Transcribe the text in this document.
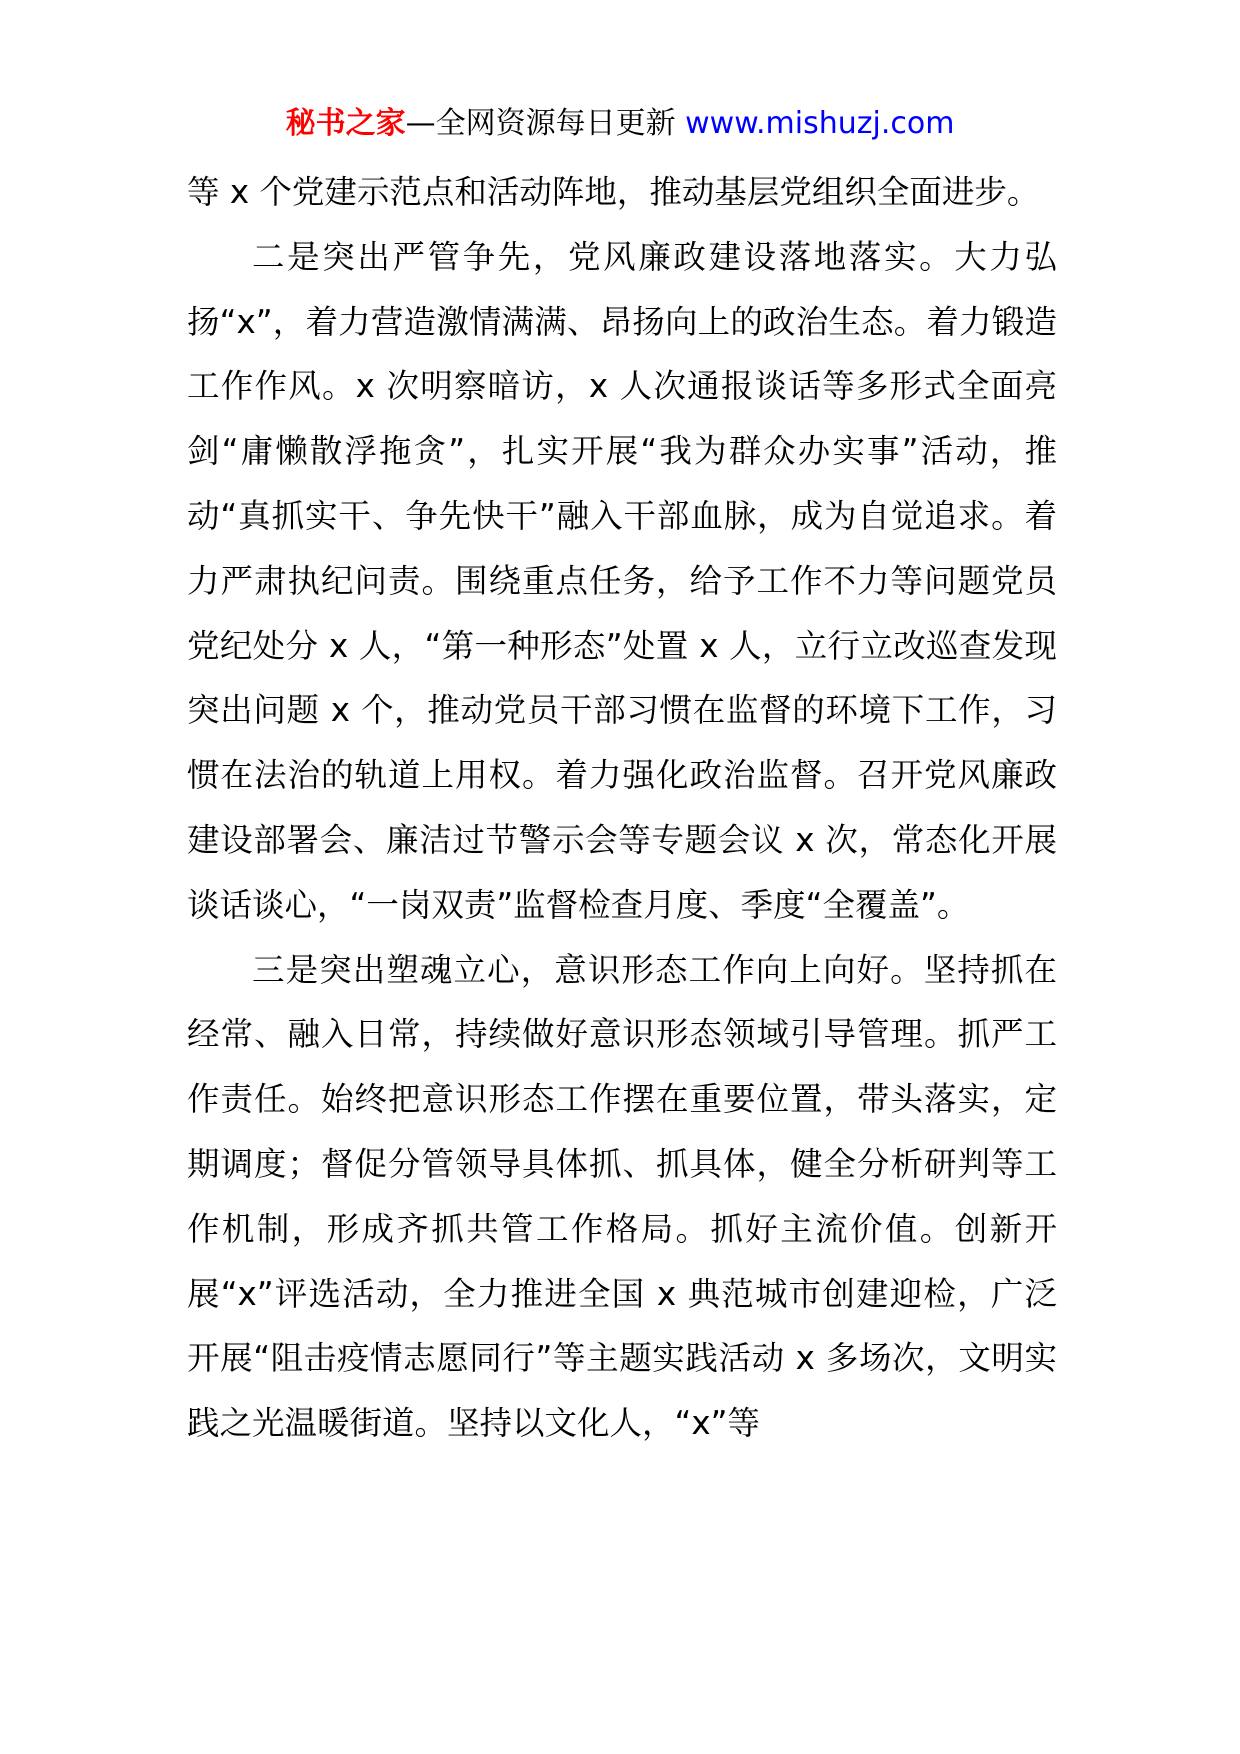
秘书之家—全网资源每日更新 www.mishuzj.com

等 x 个党建示范点和活动阵地，推动基层党组织全面进步。

二是突出严管争先，党风廉政建设落地落实。大力弘扬“x”，着力营造激情满满、昂扬向上的政治生态。着力锻造工作作风。x 次明察暗访，x 人次通报谈话等多形式全面亮剑“庸懒散浮拖贪”，扎实开展“我为群众办实事”活动，推动“真抓实干、争先快干”融入干部血脉，成为自觉追求。着力严肃执纪问责。围绕重点任务，给予工作不力等问题党员党纪处分 x 人，“第一种形态”处置 x 人，立行立改巡查发现突出问题 x 个，推动党员干部习惯在监督的环境下工作，习惯在法治的轨道上用权。着力强化政治监督。召开党风廉政建设部署会、廉洁过节警示会等专题会议 x 次，常态化开展谈话谈心，“一岗双责”监督检查月度、季度“全覆盖”。

三是突出塑魂立心，意识形态工作向上向好。坚持抓在经常、融入日常，持续做好意识形态领域引导管理。抓严工作责任。始终把意识形态工作摆在重要位置，带头落实，定期调度；督促分管领导具体抓、抓具体，健全分析研判等工作机制，形成齐抓共管工作格局。抓好主流价值。创新开展“x”评选活动，全力推进全国 x 典范城市创建迎检，广泛开展“阻击疫情志愿同行”等主题实践活动 x 多场次，文明实践之光温暖街道。坚持以文化人，“x”等
